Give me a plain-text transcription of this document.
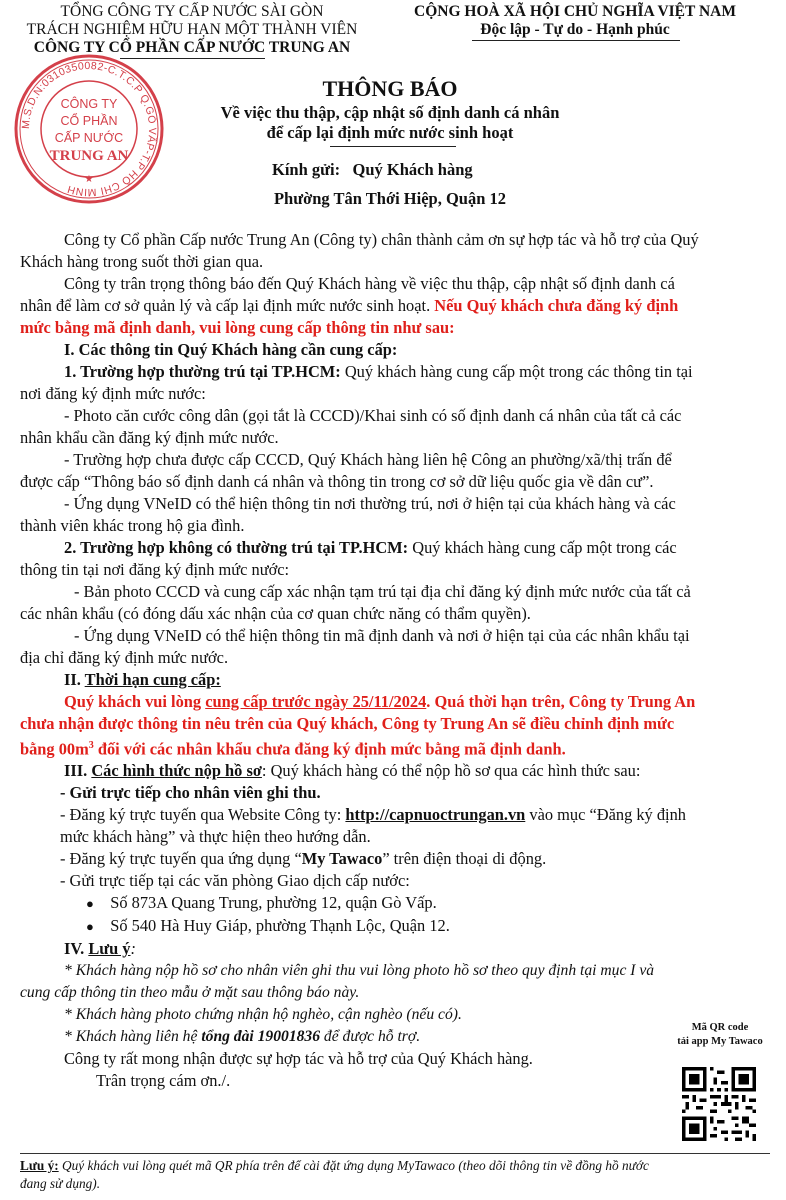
TỔNG CÔNG TY CẤP NƯỚC SÀI GÒN
TRÁCH NGHIỆM HỮU HẠN MỘT THÀNH VIÊN
CÔNG TY CỔ PHẦN CẤP NƯỚC TRUNG AN
CỘNG HOÀ XÃ HỘI CHỦ NGHĨA VIỆT NAM
Độc lập - Tự do - Hạnh phúc
M.S.D.N:0310350082-C.T.C.P Q.GÒ VẤP-T.P HỒ CHÍ MINH
CÔNG TY
CỔ PHẦN
CẤP NƯỚC
TRUNG AN
★
THÔNG BÁO
Về việc thu thập, cập nhật số định danh cá nhân
để cấp lại định mức nước sinh hoạt
Kính gửi: Quý Khách hàng
Phường Tân Thới Hiệp, Quận 12
Công ty Cổ phần Cấp nước Trung An (Công ty) chân thành cảm ơn sự hợp tác và hỗ trợ của Quý
Khách hàng trong suốt thời gian qua.
Công ty trân trọng thông báo đến Quý Khách hàng về việc thu thập, cập nhật số định danh cá
nhân để làm cơ sở quản lý và cấp lại định mức nước sinh hoạt. Nếu Quý khách chưa đăng ký định
mức bằng mã định danh, vui lòng cung cấp thông tin như sau:
I. Các thông tin Quý Khách hàng cần cung cấp:
1. Trường hợp thường trú tại TP.HCM: Quý khách hàng cung cấp một trong các thông tin tại
nơi đăng ký định mức nước:
- Photo căn cước công dân (gọi tắt là CCCD)/Khai sinh có số định danh cá nhân của tất cả các
nhân khẩu cần đăng ký định mức nước.
- Trường hợp chưa được cấp CCCD, Quý Khách hàng liên hệ Công an phường/xã/thị trấn để
được cấp “Thông báo số định danh cá nhân và thông tin trong cơ sở dữ liệu quốc gia về dân cư”.
- Ứng dụng VNeID có thể hiện thông tin nơi thường trú, nơi ở hiện tại của khách hàng và các
thành viên khác trong hộ gia đình.
2. Trường hợp không có thường trú tại TP.HCM: Quý khách hàng cung cấp một trong các
thông tin tại nơi đăng ký định mức nước:
- Bản photo CCCD và cung cấp xác nhận tạm trú tại địa chỉ đăng ký định mức nước của tất cả
các nhân khẩu (có đóng dấu xác nhận của cơ quan chức năng có thẩm quyền).
- Ứng dụng VNeID có thể hiện thông tin mã định danh và nơi ở hiện tại của các nhân khẩu tại
địa chỉ đăng ký định mức nước.
II. Thời hạn cung cấp:
Quý khách vui lòng cung cấp trước ngày 25/11/2024. Quá thời hạn trên, Công ty Trung An
chưa nhận được thông tin nêu trên của Quý khách, Công ty Trung An sẽ điều chỉnh định mức
bằng $00m^3$ đối với các nhân khẩu chưa đăng ký định mức bằng mã định danh.
III. Các hình thức nộp hồ sơ: Quý khách hàng có thể nộp hồ sơ qua các hình thức sau:
- Gửi trực tiếp cho nhân viên ghi thu.
- Đăng ký trực tuyến qua Website Công ty: http://capnuoctrungan.vn vào mục “Đăng ký định
mức khách hàng” và thực hiện theo hướng dẫn.
- Đăng ký trực tuyến qua ứng dụng “My Tawaco” trên điện thoại di động.
- Gửi trực tiếp tại các văn phòng Giao dịch cấp nước:
● Số 873A Quang Trung, phường 12, quận Gò Vấp.
● Số 540 Hà Huy Giáp, phường Thạnh Lộc, Quận 12.
IV. Lưu ý:
* Khách hàng nộp hồ sơ cho nhân viên ghi thu vui lòng photo hồ sơ theo quy định tại mục I và
cung cấp thông tin theo mẫu ở mặt sau thông báo này.
* Khách hàng photo chứng nhận hộ nghèo, cận nghèo (nếu có).
* Khách hàng liên hệ tổng đài 19001836 để được hỗ trợ.
Công ty rất mong nhận được sự hợp tác và hỗ trợ của Quý Khách hàng.
Trân trọng cám ơn./.
Mã QR code
tải app My Tawaco
Lưu ý: Quý khách vui lòng quét mã QR phía trên để cài đặt ứng dụng MyTawaco (theo dõi thông tin về đồng hồ nước
đang sử dụng).
